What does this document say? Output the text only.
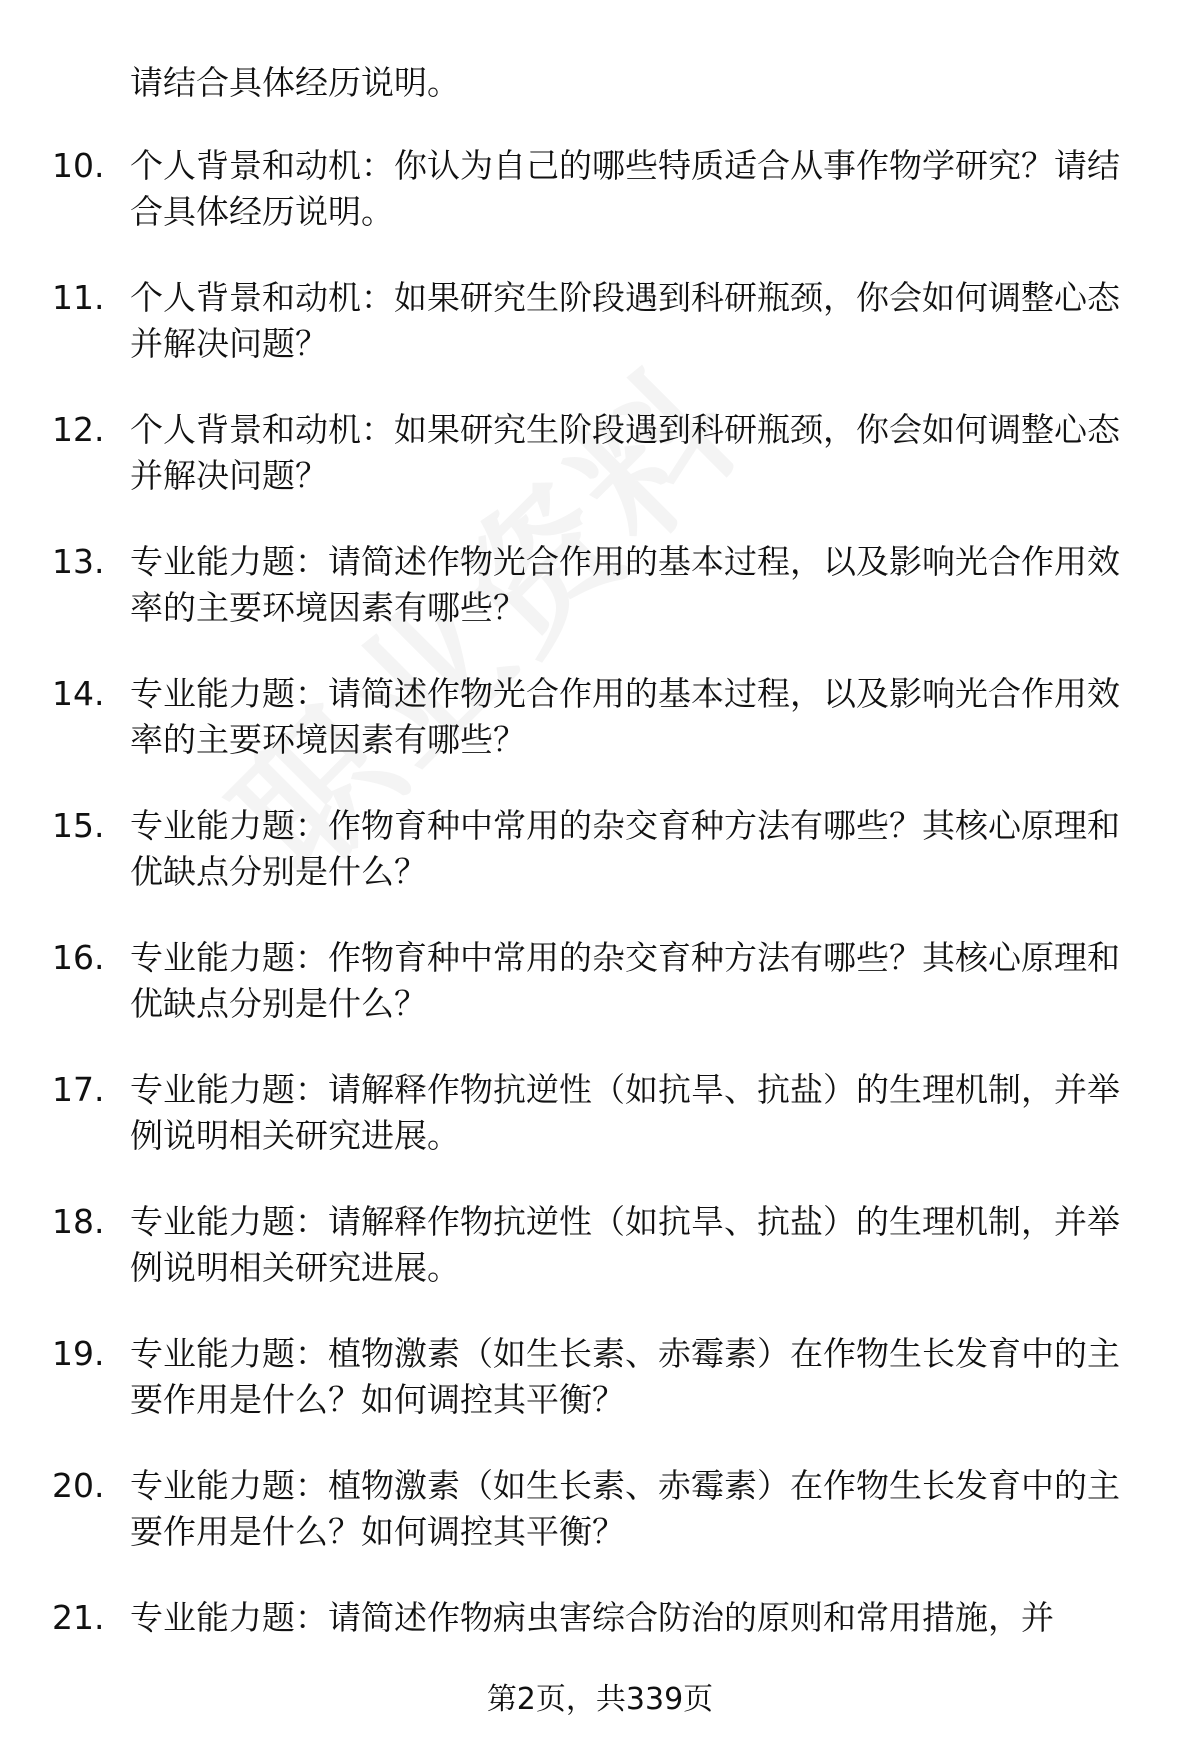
请结合具体经历说明。
10. 个人背景和动机：你认为自己的哪些特质适合从事作物学研究？请结合具体经历说明。
11. 个人背景和动机：如果研究生阶段遇到科研瓶颈，你会如何调整心态并解决问题？
12. 个人背景和动机：如果研究生阶段遇到科研瓶颈，你会如何调整心态并解决问题？
13. 专业能力题：请简述作物光合作用的基本过程，以及影响光合作用效率的主要环境因素有哪些？
14. 专业能力题：请简述作物光合作用的基本过程，以及影响光合作用效率的主要环境因素有哪些？
15. 专业能力题：作物育种中常用的杂交育种方法有哪些？其核心原理和优缺点分别是什么？
16. 专业能力题：作物育种中常用的杂交育种方法有哪些？其核心原理和优缺点分别是什么？
17. 专业能力题：请解释作物抗逆性（如抗旱、抗盐）的生理机制，并举例说明相关研究进展。
18. 专业能力题：请解释作物抗逆性（如抗旱、抗盐）的生理机制，并举例说明相关研究进展。
19. 专业能力题：植物激素（如生长素、赤霉素）在作物生长发育中的主要作用是什么？如何调控其平衡？
20. 专业能力题：植物激素（如生长素、赤霉素）在作物生长发育中的主要作用是什么？如何调控其平衡？
21. 专业能力题：请简述作物病虫害综合防治的原则和常用措施，并
第2页，共339页
